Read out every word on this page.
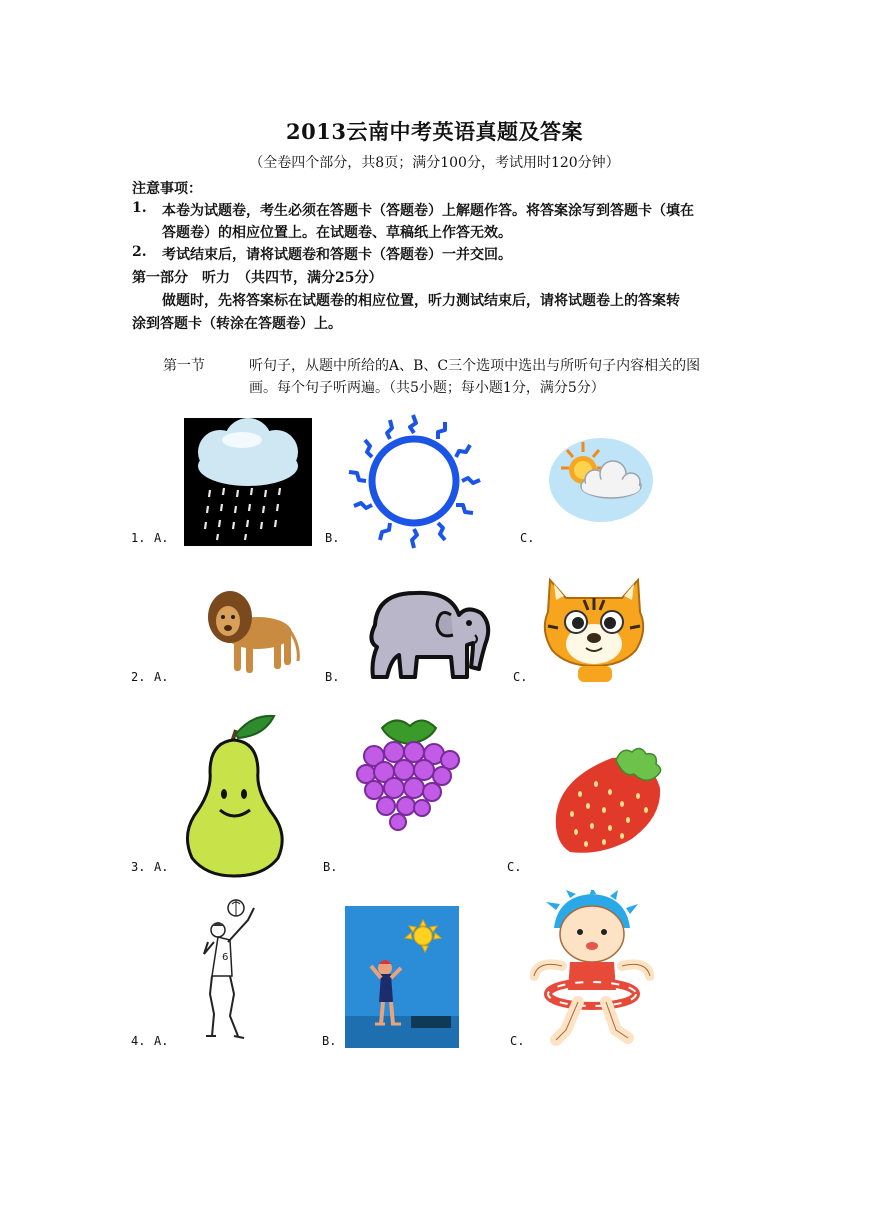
2013云南中考英语真题及答案
（全卷四个部分，共8页；满分100分，考试用时120分钟）
注意事项：
1. 本卷为试题卷，考生必须在答题卡（答题卷）上解题作答。将答案涂写到答题卡（填在
答题卷）的相应位置上。在试题卷、草稿纸上作答无效。
2. 考试结束后，请将试题卷和答题卡（答题卷）一并交回。
第一部分　听力　（共四节，满分25分）
做题时，先将答案标在试题卷的相应位置，听力测试结束后，请将试题卷上的答案转
涂到答题卡（转涂在答题卷）上。
第一节	听句子，从题中所给的A、B、C三个选项中选出与所听句子内容相关的图
画。每个句子听两遍。（共5小题；每小题1分，满分5分）
1. A.	B.	C.
2. A.	B.	C.
3. A.	B.	C.
4. A.	B.	C.
6
